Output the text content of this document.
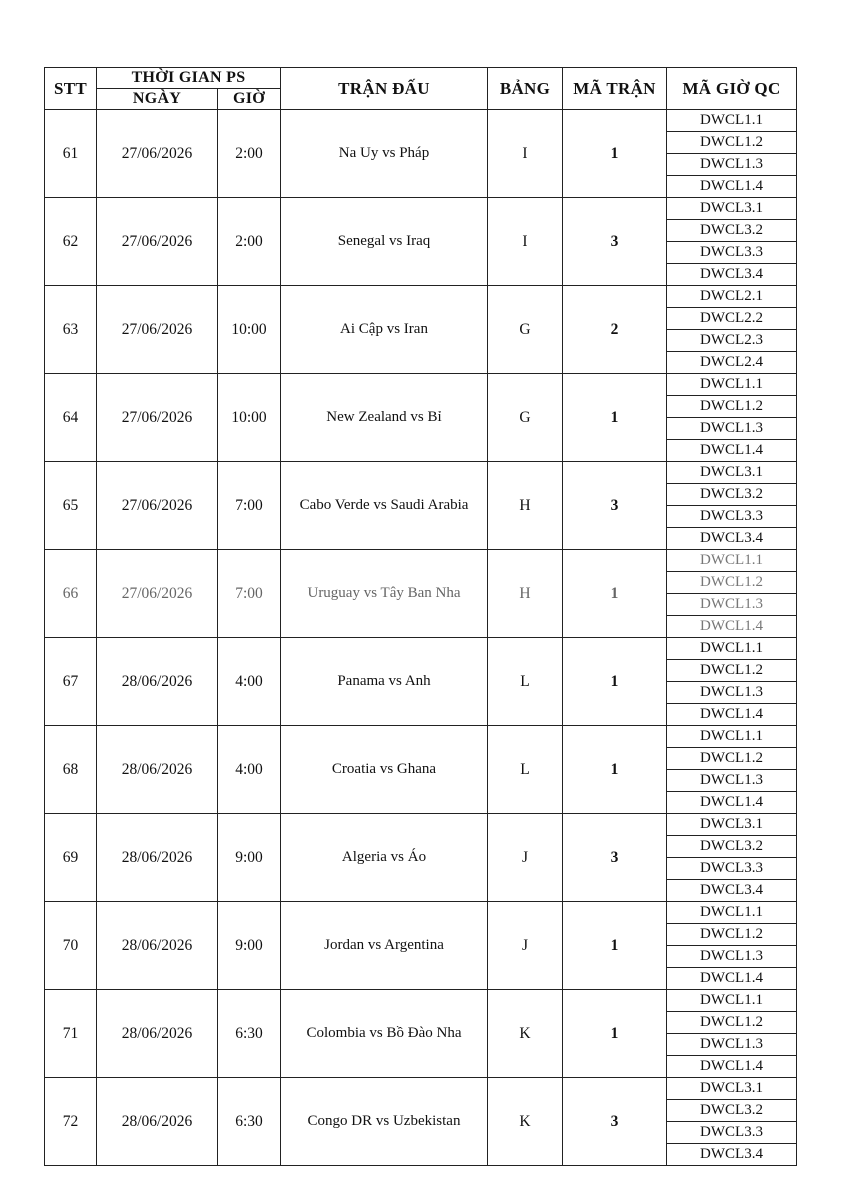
STT	THỜI GIAN PS		TRẬN ĐẤU	BẢNG	MÃ TRẬN	MÃ GIỜ QC
	NGÀY	GIỜ				
61	27/06/2026	2:00	Na Uy vs Pháp	I	1	DWCL1.1
						DWCL1.2
						DWCL1.3
						DWCL1.4
62	27/06/2026	2:00	Senegal vs Iraq	I	3	DWCL3.1
						DWCL3.2
						DWCL3.3
						DWCL3.4
63	27/06/2026	10:00	Ai Cập vs Iran	G	2	DWCL2.1
						DWCL2.2
						DWCL2.3
						DWCL2.4
64	27/06/2026	10:00	New Zealand vs Bỉ	G	1	DWCL1.1
						DWCL1.2
						DWCL1.3
						DWCL1.4
65	27/06/2026	7:00	Cabo Verde vs Saudi Arabia	H	3	DWCL3.1
						DWCL3.2
						DWCL3.3
						DWCL3.4
66	27/06/2026	7:00	Uruguay vs Tây Ban Nha	H	1	DWCL1.1
						DWCL1.2
						DWCL1.3
						DWCL1.4
67	28/06/2026	4:00	Panama vs Anh	L	1	DWCL1.1
						DWCL1.2
						DWCL1.3
						DWCL1.4
68	28/06/2026	4:00	Croatia vs Ghana	L	1	DWCL1.1
						DWCL1.2
						DWCL1.3
						DWCL1.4
69	28/06/2026	9:00	Algeria vs Áo	J	3	DWCL3.1
						DWCL3.2
						DWCL3.3
						DWCL3.4
70	28/06/2026	9:00	Jordan vs Argentina	J	1	DWCL1.1
						DWCL1.2
						DWCL1.3
						DWCL1.4
71	28/06/2026	6:30	Colombia vs Bồ Đào Nha	K	1	DWCL1.1
						DWCL1.2
						DWCL1.3
						DWCL1.4
72	28/06/2026	6:30	Congo DR vs Uzbekistan	K	3	DWCL3.1
						DWCL3.2
						DWCL3.3
						DWCL3.4
